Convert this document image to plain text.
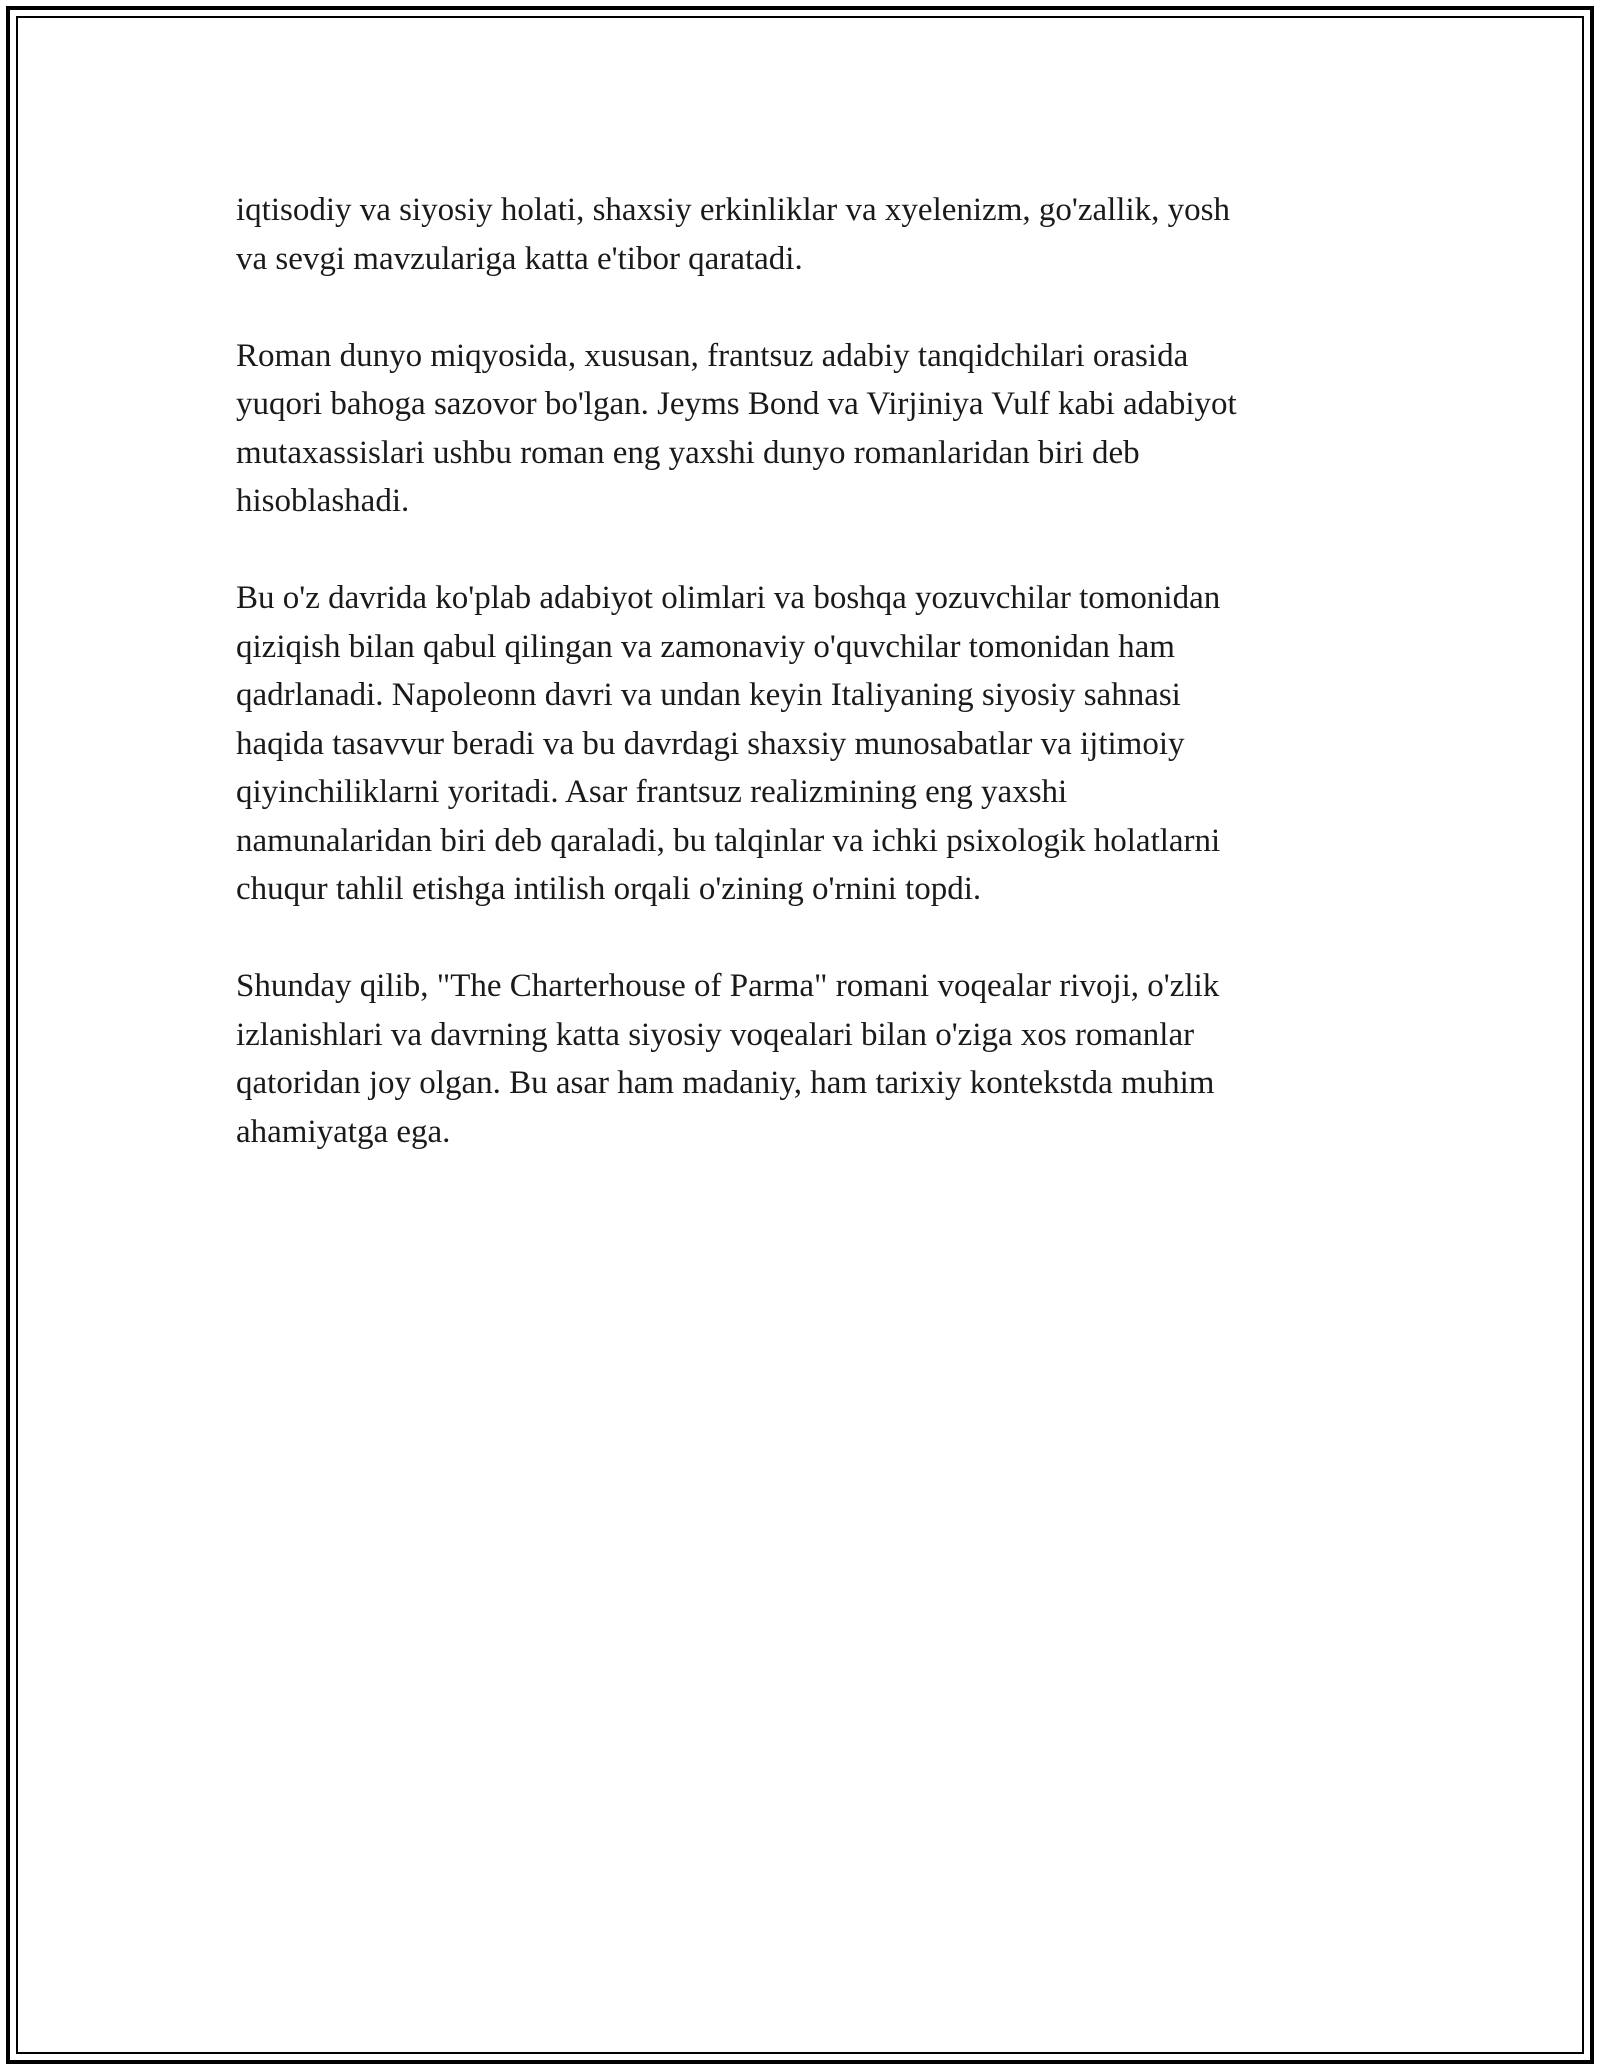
iqtisodiy va siyosiy holati, shaxsiy erkinliklar va xyelenizm, go'zallik, yosh
va sevgi mavzulariga katta e'tibor qaratadi.

Roman dunyo miqyosida, xususan, frantsuz adabiy tanqidchilari orasida
yuqori bahoga sazovor bo'lgan. Jeyms Bond va Virjiniya Vulf kabi adabiyot
mutaxassislari ushbu roman eng yaxshi dunyo romanlaridan biri deb
hisoblashadi.

Bu o'z davrida ko'plab adabiyot olimlari va boshqa yozuvchilar tomonidan
qiziqish bilan qabul qilingan va zamonaviy o'quvchilar tomonidan ham
qadrlanadi. Napoleonn davri va undan keyin Italiyaning siyosiy sahnasi
haqida tasavvur beradi va bu davrdagi shaxsiy munosabatlar va ijtimoiy
qiyinchiliklarni yoritadi. Asar frantsuz realizmining eng yaxshi
namunalaridan biri deb qaraladi, bu talqinlar va ichki psixologik holatlarni
chuqur tahlil etishga intilish orqali o'zining o'rnini topdi.

Shunday qilib, "The Charterhouse of Parma" romani voqealar rivoji, o'zlik
izlanishlari va davrning katta siyosiy voqealari bilan o'ziga xos romanlar
qatoridan joy olgan. Bu asar ham madaniy, ham tarixiy kontekstda muhim
ahamiyatga ega.
